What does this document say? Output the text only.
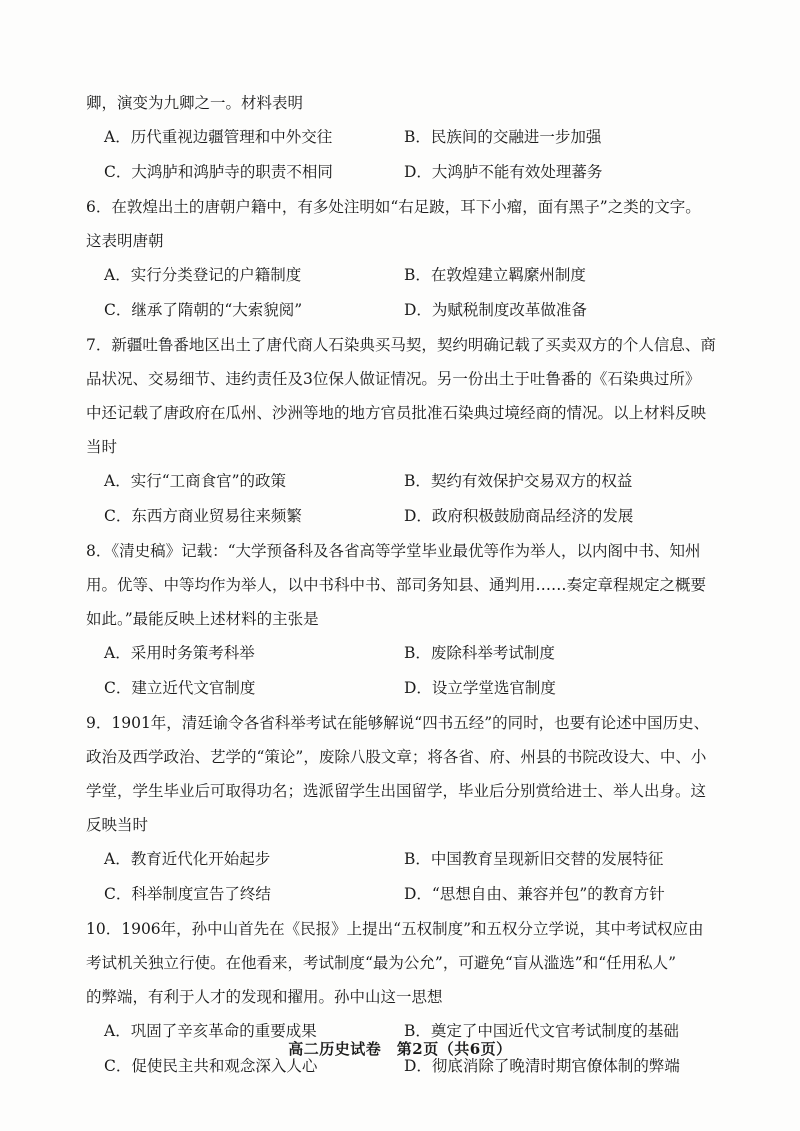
卿，演变为九卿之一。材料表明

A．历代重视边疆管理和中外交往	B．民族间的交融进一步加强
C．大鸿胪和鸿胪寺的职责不相同	D．大鸿胪不能有效处理蕃务

6．在敦煌出土的唐朝户籍中，有多处注明如“右足跛，耳下小瘤，面有黑子”之类的文字。

这表明唐朝

A．实行分类登记的户籍制度	B．在敦煌建立羁縻州制度
C．继承了隋朝的“大索貌阅”	D．为赋税制度改革做准备

7．新疆吐鲁番地区出土了唐代商人石染典买马契，契约明确记载了买卖双方的个人信息、商

品状况、交易细节、违约责任及3位保人做证情况。另一份出土于吐鲁番的《石染典过所》

中还记载了唐政府在瓜州、沙洲等地的地方官员批准石染典过境经商的情况。以上材料反映

当时

A．实行“工商食官”的政策	B．契约有效保护交易双方的权益
C．东西方商业贸易往来频繁	D．政府积极鼓励商品经济的发展

8．《清史稿》记载：“大学预备科及各省高等学堂毕业最优等作为举人，以内阁中书、知州

用。优等、中等均作为举人，以中书科中书、部司务知县、通判用……奏定章程规定之概要

如此。”最能反映上述材料的主张是

A．采用时务策考科举	B．废除科举考试制度
C．建立近代文官制度	D．设立学堂选官制度

9．1901年，清廷谕令各省科举考试在能够解说“四书五经”的同时，也要有论述中国历史、

政治及西学政治、艺学的“策论”，废除八股文章；将各省、府、州县的书院改设大、中、小

学堂，学生毕业后可取得功名；选派留学生出国留学，毕业后分别赏给进士、举人出身。这

反映当时

A．教育近代化开始起步	B．中国教育呈现新旧交替的发展特征
C．科举制度宣告了终结	D．“思想自由、兼容并包”的教育方针

10．1906年，孙中山首先在《民报》上提出“五权制度”和五权分立学说，其中考试权应由

考试机关独立行使。在他看来，考试制度“最为公允”，可避免“盲从滥选”和“任用私人”

的弊端，有利于人才的发现和擢用。孙中山这一思想

A．巩固了辛亥革命的重要成果	B．奠定了中国近代文官考试制度的基础
C．促使民主共和观念深入人心	D．彻底消除了晚清时期官僚体制的弊端
高二历史试卷　第2页（共6页）
